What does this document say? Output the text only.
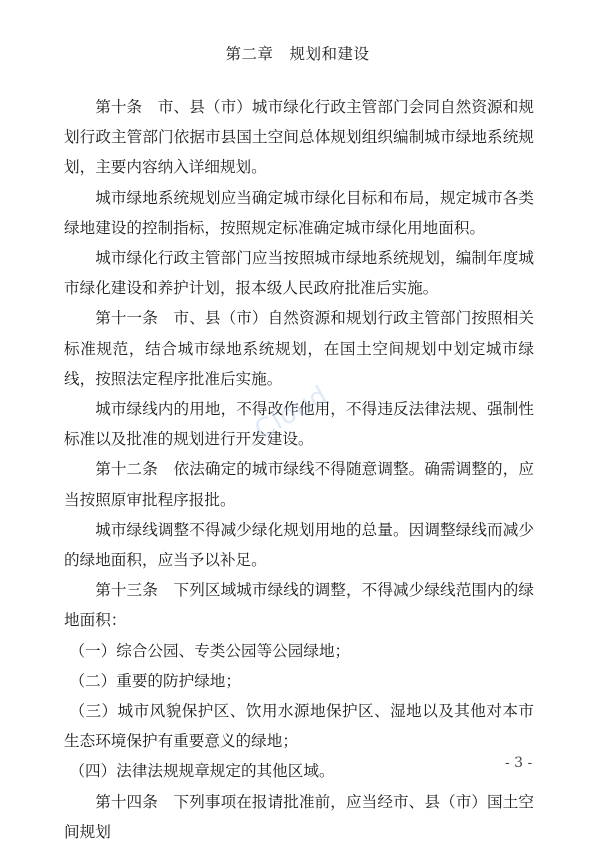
第二章　规划和建设

第十条　市、县（市）城市绿化行政主管部门会同自然资源和规划行政主管部门依据市县国土空间总体规划组织编制城市绿地系统规划，主要内容纳入详细规划。

城市绿地系统规划应当确定城市绿化目标和布局，规定城市各类绿地建设的控制指标，按照规定标准确定城市绿化用地面积。

城市绿化行政主管部门应当按照城市绿地系统规划，编制年度城市绿化建设和养护计划，报本级人民政府批准后实施。

第十一条　市、县（市）自然资源和规划行政主管部门按照相关标准规范，结合城市绿地系统规划，在国土空间规划中划定城市绿线，按照法定程序批准后实施。

城市绿线内的用地，不得改作他用，不得违反法律法规、强制性标准以及批准的规划进行开发建设。

第十二条　依法确定的城市绿线不得随意调整。确需调整的，应当按照原审批程序报批。

城市绿线调整不得减少绿化规划用地的总量。因调整绿线而减少的绿地面积，应当予以补足。

第十三条　下列区域城市绿线的调整，不得减少绿线范围内的绿地面积：

（一）综合公园、专类公园等公园绿地；

（二）重要的防护绿地；

（三）城市风貌保护区、饮用水源地保护区、湿地以及其他对本市生态环境保护有重要意义的绿地；

（四）法律法规规章规定的其他区域。

第十四条　下列事项在报请批准前，应当经市、县（市）国土空间规划

Cloud
- 3 -
